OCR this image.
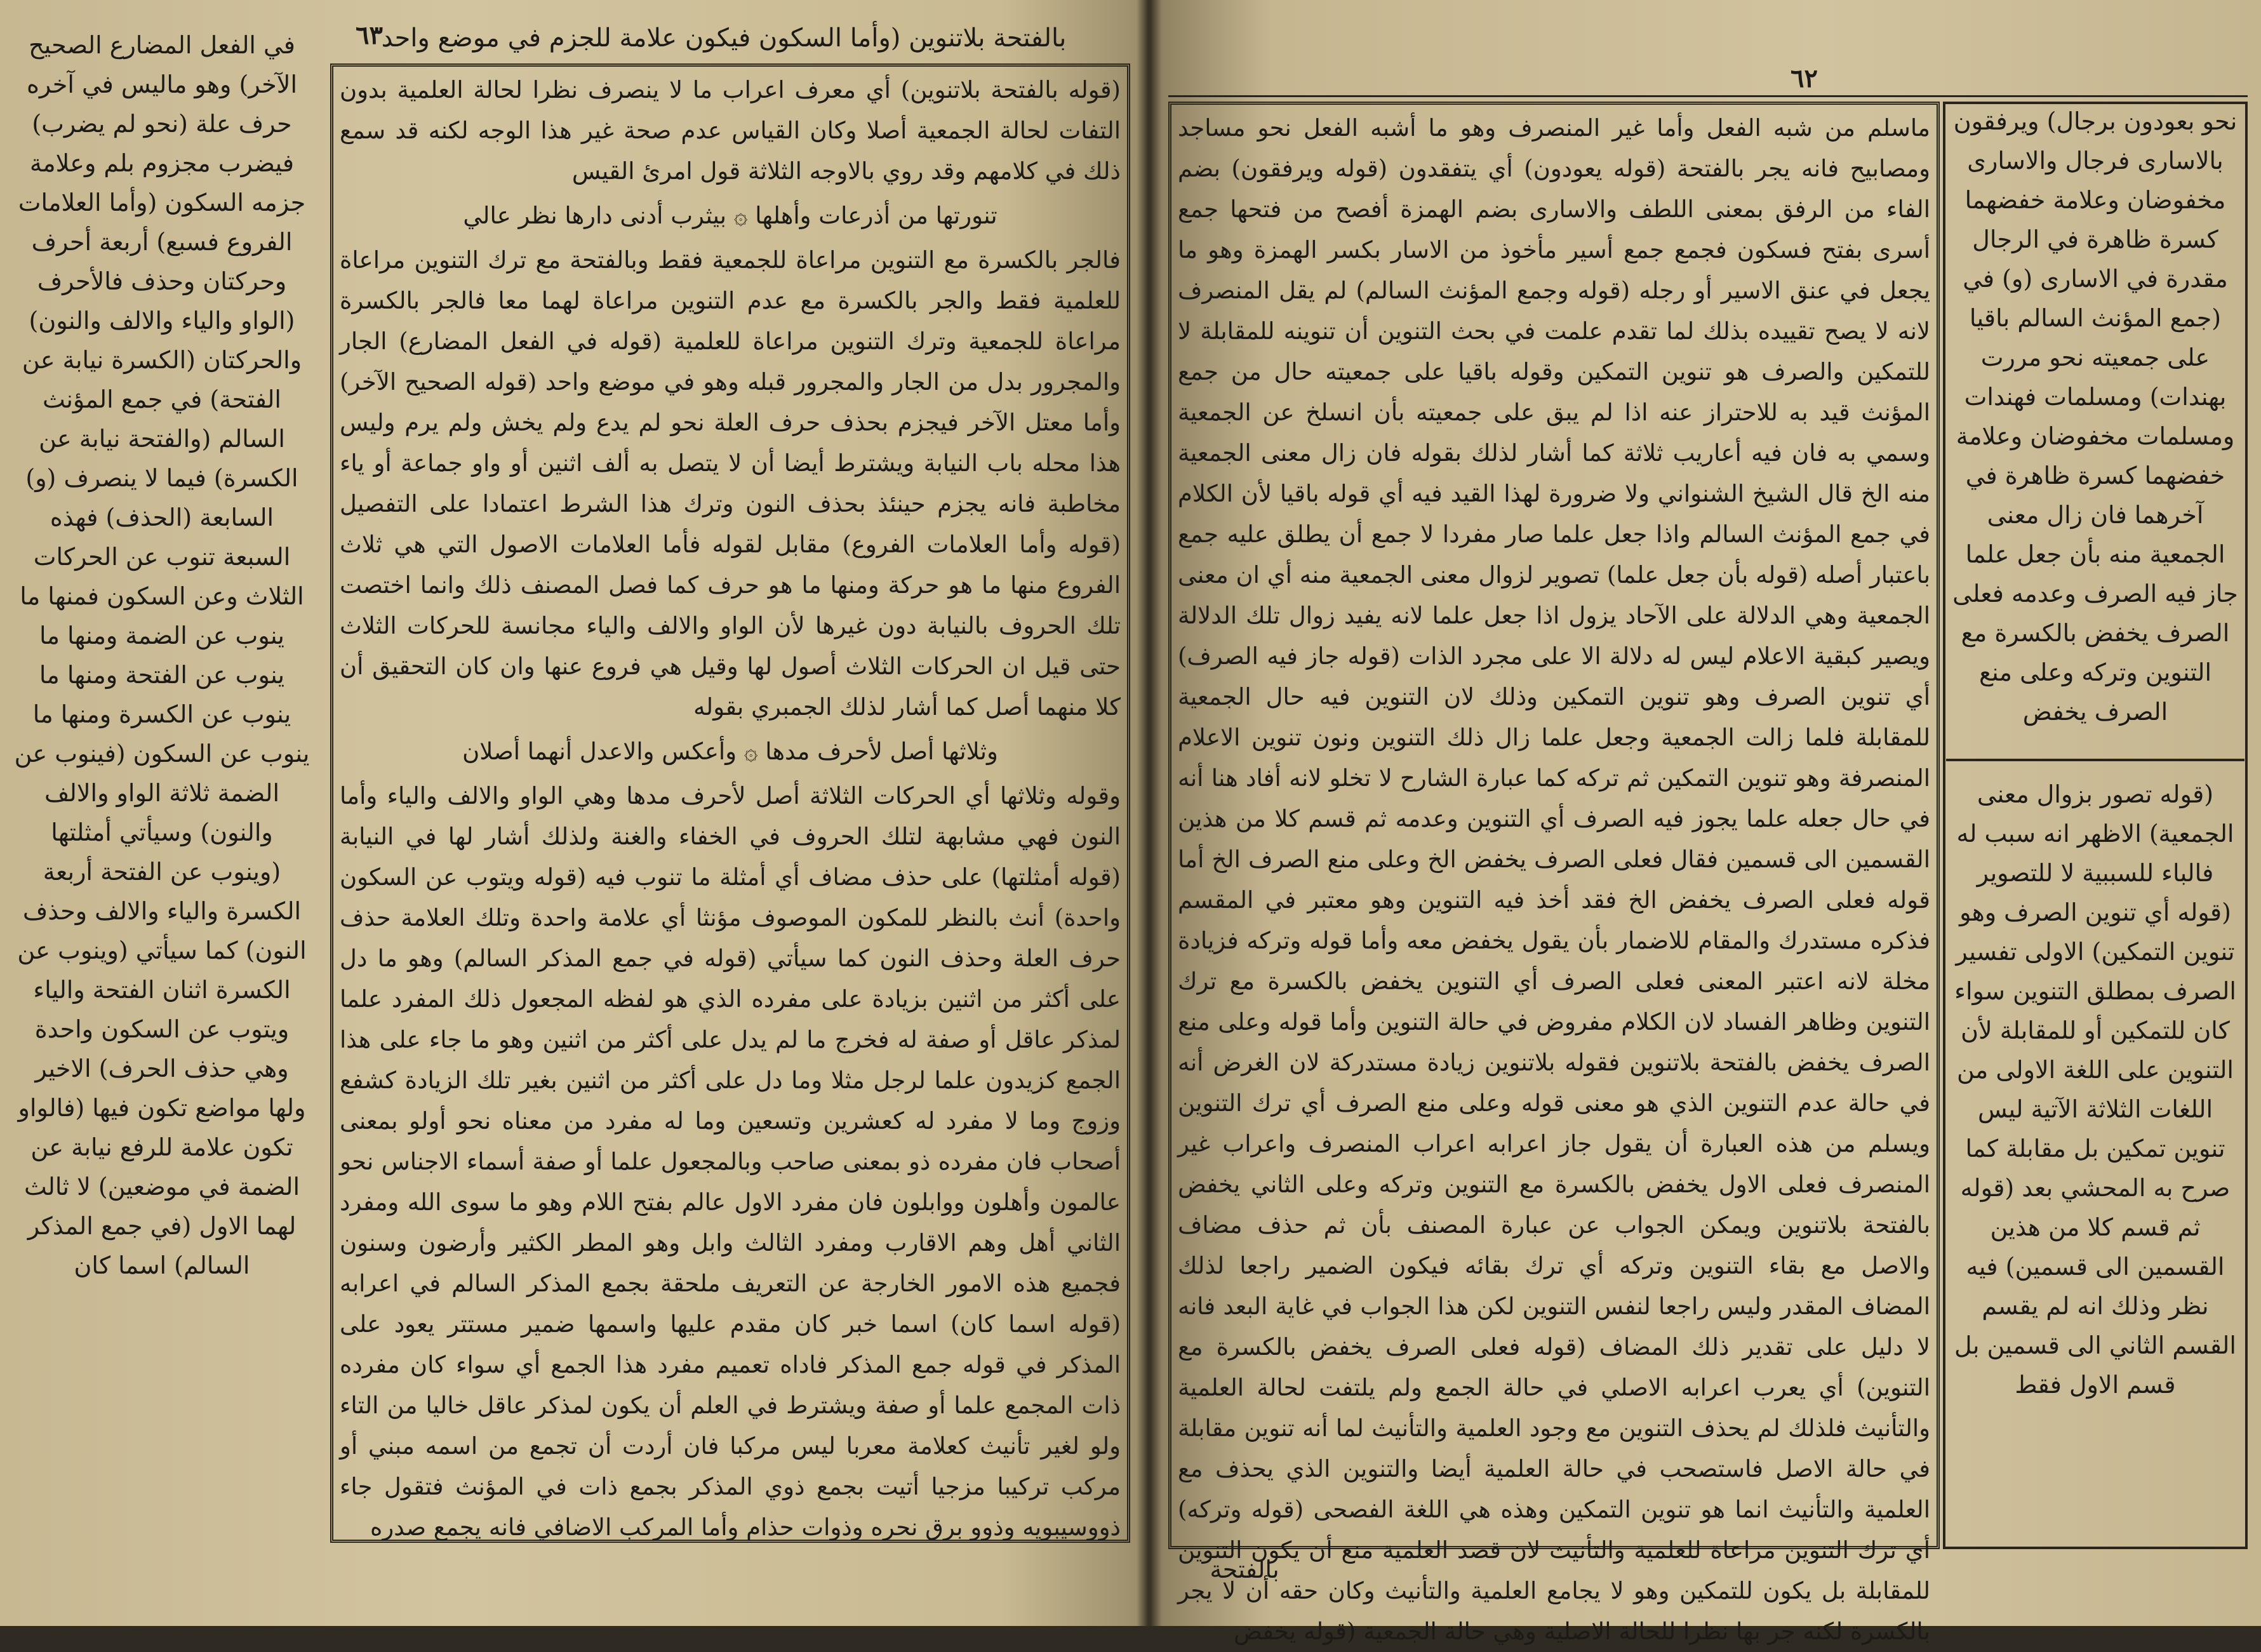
بالفتحة بلاتنوين (وأما السكون فيكون علامة للجزم في موضع واحد
٦٣
في الفعل المضارع الصحيح الآخر) وهو ماليس في آخره حرف علة (نحو لم يضرب) فيضرب مجزوم بلم وعلامة جزمه السكون (وأما العلامات الفروع فسبع) أربعة أحرف وحركتان وحذف فالأحرف (الواو والياء والالف والنون) والحركتان (الكسرة نيابة عن الفتحة) في جمع المؤنث السالم (والفتحة نيابة عن الكسرة) فيما لا ينصرف (و) السابعة (الحذف) فهذه السبعة تنوب عن الحركات الثلاث وعن السكون فمنها ما ينوب عن الضمة ومنها ما ينوب عن الفتحة ومنها ما ينوب عن الكسرة ومنها ما ينوب عن السكون (فينوب عن الضمة ثلاثة الواو والالف والنون) وسيأتي أمثلتها (وينوب عن الفتحة أربعة الكسرة والياء والالف وحذف النون) كما سيأتي (وينوب عن الكسرة اثنان الفتحة والياء ويتوب عن السكون واحدة وهي حذف الحرف) الاخير ولها مواضع تكون فيها (فالواو تكون علامة للرفع نيابة عن الضمة في موضعين) لا ثالث لهما الاول (في جمع المذكر السالم) اسما كان
(قوله بالفتحة بلاتنوين) أي معرف اعراب ما لا ينصرف نظرا لحالة العلمية بدون التفات لحالة الجمعية أصلا وكان القياس عدم صحة غير هذا الوجه لكنه قد سمع ذلك في كلامهم وقد روي بالاوجه الثلاثة قول امرئ القيس
تنورتها من أذرعات وأهلها ۞ بيثرب أدنى دارها نظر عالي
فالجر بالكسرة مع التنوين مراعاة للجمعية فقط وبالفتحة مع ترك التنوين مراعاة للعلمية فقط والجر بالكسرة مع عدم التنوين مراعاة لهما معا فالجر بالكسرة مراعاة للجمعية وترك التنوين مراعاة للعلمية (قوله في الفعل المضارع) الجار والمجرور بدل من الجار والمجرور قبله وهو في موضع واحد (قوله الصحيح الآخر) وأما معتل الآخر فيجزم بحذف حرف العلة نحو لم يدع ولم يخش ولم يرم وليس هذا محله باب النيابة ويشترط أيضا أن لا يتصل به ألف اثنين أو واو جماعة أو ياء مخاطبة فانه يجزم حينئذ بحذف النون وترك هذا الشرط اعتمادا على التفصيل (قوله وأما العلامات الفروع) مقابل لقوله فأما العلامات الاصول التي هي ثلاث الفروع منها ما هو حركة ومنها ما هو حرف كما فصل المصنف ذلك وانما اختصت تلك الحروف بالنيابة دون غيرها لأن الواو والالف والياء مجانسة للحركات الثلاث حتى قيل ان الحركات الثلاث أصول لها وقيل هي فروع عنها وان كان التحقيق أن كلا منهما أصل كما أشار لذلك الجمبري بقوله
وثلاثها أصل لأحرف مدها ۞ وأعكس والاعدل أنهما أصلان
وقوله وثلاثها أي الحركات الثلاثة أصل لأحرف مدها وهي الواو والالف والياء وأما النون فهي مشابهة لتلك الحروف في الخفاء والغنة ولذلك أشار لها في النيابة (قوله أمثلتها) على حذف مضاف أي أمثلة ما تنوب فيه (قوله ويتوب عن السكون واحدة) أنث بالنظر للمكون الموصوف مؤنثا أي علامة واحدة وتلك العلامة حذف حرف العلة وحذف النون كما سيأتي (قوله في جمع المذكر السالم) وهو ما دل على أكثر من اثنين بزيادة على مفرده الذي هو لفظه المجعول ذلك المفرد علما لمذكر عاقل أو صفة له فخرج ما لم يدل على أكثر من اثنين وهو ما جاء على هذا الجمع كزيدون علما لرجل مثلا وما دل على أكثر من اثنين بغير تلك الزيادة كشفع وزوج وما لا مفرد له كعشرين وتسعين وما له مفرد من معناه نحو أولو بمعنى أصحاب فان مفرده ذو بمعنى صاحب وبالمجعول علما أو صفة أسماء الاجناس نحو عالمون وأهلون ووابلون فان مفرد الاول عالم بفتح اللام وهو ما سوى الله ومفرد الثاني أهل وهم الاقارب ومفرد الثالث وابل وهو المطر الكثير وأرضون وسنون فجميع هذه الامور الخارجة عن التعريف ملحقة بجمع المذكر السالم في اعرابه (قوله اسما كان) اسما خبر كان مقدم عليها واسمها ضمير مستتر يعود على المذكر في قوله جمع المذكر فاداه تعميم مفرد هذا الجمع أي سواء كان مفرده ذات المجمع علما أو صفة ويشترط في العلم أن يكون لمذكر عاقل خاليا من التاء ولو لغير تأنيث كعلامة معربا ليس مركبا فان أردت أن تجمع من اسمه مبني أو مركب تركيبا مزجيا أتيت بجمع ذوي المذكر بجمع ذات في المؤنث فتقول جاء ذووسيبويه وذوو برق نحره وذوات حذام وأما المركب الاضافي فانه يجمع صدره
٦٢
ماسلم من شبه الفعل وأما غير المنصرف وهو ما أشبه الفعل نحو مساجد ومصابيح فانه يجر بالفتحة (قوله يعودون) أي يتفقدون (قوله ويرفقون) بضم الفاء من الرفق بمعنى اللطف والاسارى بضم الهمزة أفصح من فتحها جمع أسرى بفتح فسكون فجمع جمع أسير مأخوذ من الاسار بكسر الهمزة وهو ما يجعل في عنق الاسير أو رجله (قوله وجمع المؤنث السالم) لم يقل المنصرف لانه لا يصح تقييده بذلك لما تقدم علمت في بحث التنوين أن تنوينه للمقابلة لا للتمكين والصرف هو تنوين التمكين وقوله باقيا على جمعيته حال من جمع المؤنث قيد به للاحتراز عنه اذا لم يبق على جمعيته بأن انسلخ عن الجمعية وسمي به فان فيه أعاريب ثلاثة كما أشار لذلك بقوله فان زال معنى الجمعية منه الخ قال الشيخ الشنواني ولا ضرورة لهذا القيد فيه أي قوله باقيا لأن الكلام في جمع المؤنث السالم واذا جعل علما صار مفردا لا جمع أن يطلق عليه جمع باعتبار أصله (قوله بأن جعل علما) تصوير لزوال معنى الجمعية منه أي ان معنى الجمعية وهي الدلالة على الآحاد يزول اذا جعل علما لانه يفيد زوال تلك الدلالة ويصير كبقية الاعلام ليس له دلالة الا على مجرد الذات (قوله جاز فيه الصرف) أي تنوين الصرف وهو تنوين التمكين وذلك لان التنوين فيه حال الجمعية للمقابلة فلما زالت الجمعية وجعل علما زال ذلك التنوين ونون تنوين الاعلام المنصرفة وهو تنوين التمكين ثم تركه كما عبارة الشارح لا تخلو لانه أفاد هنا أنه في حال جعله علما يجوز فيه الصرف أي التنوين وعدمه ثم قسم كلا من هذين القسمين الى قسمين فقال فعلى الصرف يخفض الخ وعلى منع الصرف الخ أما قوله فعلى الصرف يخفض الخ فقد أخذ فيه التنوين وهو معتبر في المقسم فذكره مستدرك والمقام للاضمار بأن يقول يخفض معه وأما قوله وتركه فزيادة مخلة لانه اعتبر المعنى فعلى الصرف أي التنوين يخفض بالكسرة مع ترك التنوين وظاهر الفساد لان الكلام مفروض في حالة التنوين وأما قوله وعلى منع الصرف يخفض بالفتحة بلاتنوين فقوله بلاتنوين زيادة مستدركة لان الغرض أنه في حالة عدم التنوين الذي هو معنى قوله وعلى منع الصرف أي ترك التنوين ويسلم من هذه العبارة أن يقول جاز اعرابه اعراب المنصرف واعراب غير المنصرف فعلى الاول يخفض بالكسرة مع التنوين وتركه وعلى الثاني يخفض بالفتحة بلاتنوين ويمكن الجواب عن عبارة المصنف بأن ثم حذف مضاف والاصل مع بقاء التنوين وتركه أي ترك بقائه فيكون الضمير راجعا لذلك المضاف المقدر وليس راجعا لنفس التنوين لكن هذا الجواب في غاية البعد فانه لا دليل على تقدير ذلك المضاف (قوله فعلى الصرف يخفض بالكسرة مع التنوين) أي يعرب اعرابه الاصلي في حالة الجمع ولم يلتفت لحالة العلمية والتأنيث فلذلك لم يحذف التنوين مع وجود العلمية والتأنيث لما أنه تنوين مقابلة في حالة الاصل فاستصحب في حالة العلمية أيضا والتنوين الذي يحذف مع العلمية والتأنيث انما هو تنوين التمكين وهذه هي اللغة الفصحى (قوله وتركه) أي ترك التنوين مراعاة للعلمية والتأنيث لان قصد العلمية منع أن يكون التنوين للمقابلة بل يكون للتمكين وهو لا يجامع العلمية والتأنيث وكان حقه أن لا يجر بالكسرة لكنه جر بها نظرا للحالة الاصلية وهي حالة الجمعية (قوله يخفض
نحو بعودون برجال) ويرفقون بالاسارى فرجال والاسارى مخفوضان وعلامة خفضهما كسرة ظاهرة في الرجال مقدرة في الاسارى (و) في (جمع المؤنث السالم باقيا على جمعيته نحو مررت بهندات) ومسلمات فهندات ومسلمات مخفوضان وعلامة خفضهما كسرة ظاهرة في آخرهما فان زال معنى الجمعية منه بأن جعل علما جاز فيه الصرف وعدمه فعلى الصرف يخفض بالكسرة مع التنوين وتركه وعلى منع الصرف يخفض
(قوله تصور بزوال معنى الجمعية) الاظهر انه سبب له فالباء للسببية لا للتصوير (قوله أي تنوين الصرف وهو تنوين التمكين) الاولى تفسير الصرف بمطلق التنوين سواء كان للتمكين أو للمقابلة لأن التنوين على اللغة الاولى من اللغات الثلاثة الآتية ليس تنوين تمكين بل مقابلة كما صرح به المحشي بعد (قوله ثم قسم كلا من هذين القسمين الى قسمين) فيه نظر وذلك انه لم يقسم القسم الثاني الى قسمين بل قسم الاول فقط
بالفتحة
